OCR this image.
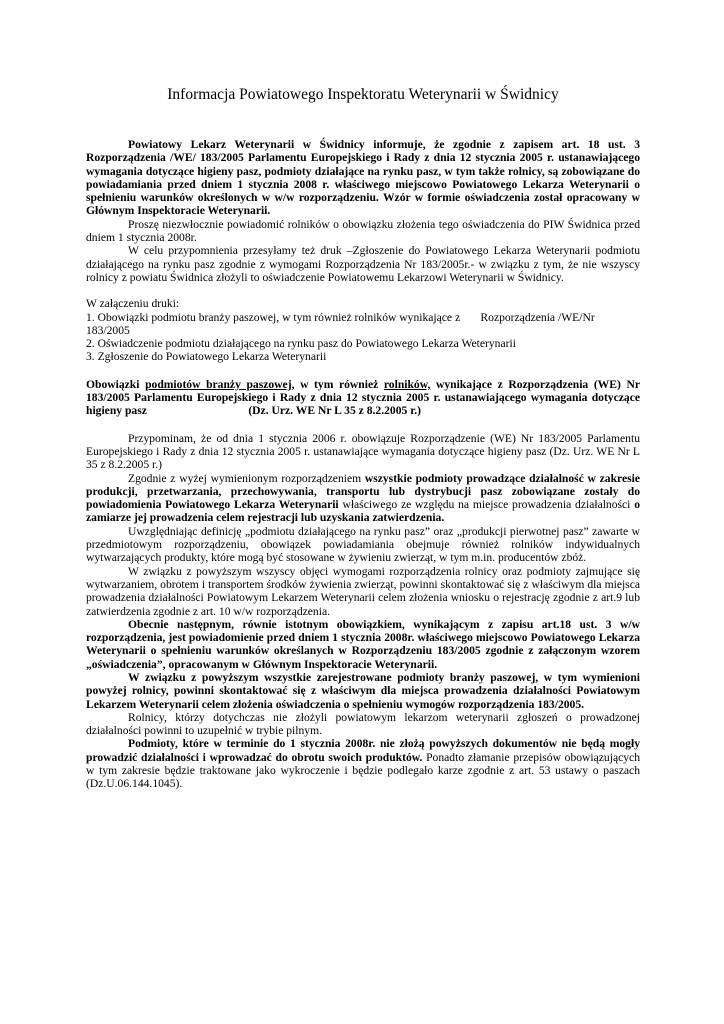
Informacja Powiatowego Inspektoratu Weterynarii w Świdnicy

Powiatowy Lekarz Weterynarii w Świdnicy informuje, że zgodnie z zapisem art. 18 ust. 3 Rozporządzenia /WE/ 183/2005 Parlamentu Europejskiego i Rady z dnia 12 stycznia 2005 r. ustanawiającego wymagania dotyczące higieny pasz, podmioty działające na rynku pasz, w tym także rolnicy, są zobowiązane do powiadamiania przed dniem 1 stycznia 2008 r. właściwego miejscowo Powiatowego Lekarza Weterynarii o spełnieniu warunków określonych w w/w rozporządzeniu. Wzór w formie oświadczenia został opracowany w Głównym Inspektoracie Weterynarii.

Proszę niezwłocznie powiadomić rolników o obowiązku złożenia tego oświadczenia do PIW Świdnica przed dniem 1 stycznia 2008r.

W celu przypomnienia przesyłamy też druk –Zgłoszenie do Powiatowego Lekarza Weterynarii podmiotu działającego na rynku pasz zgodnie z wymogami Rozporządzenia Nr 183/2005r.- w związku z tym, że nie wszyscy rolnicy z powiatu Świdnica złożyli to oświadczenie Powiatowemu Lekarzowi Weterynarii w Świdnicy.

W załączeniu druki:

1. Obowiązki podmiotu branży paszowej, w tym również rolników wynikające z       Rozporządzenia /WE/Nr 183/2005

2. Oświadczenie podmiotu działającego na rynku pasz do Powiatowego Lekarza Weterynarii

3. Zgłoszenie do Powiatowego Lekarza Weterynarii

Obowiązki podmiotów branży paszowej, w tym również rolników, wynikające z Rozporządzenia (WE) Nr 183/2005 Parlamentu Europejskiego i Rady z dnia 12 stycznia 2005 r. ustanawiającego wymagania dotyczące higieny pasz                                   (Dz. Urz. WE Nr L 35 z 8.2.2005 r.)

Przypominam, że od dnia 1 stycznia 2006 r. obowiązuje Rozporządzenie (WE) Nr 183/2005 Parlamentu Europejskiego i Rady z dnia 12 stycznia 2005 r. ustanawiające wymagania dotyczące higieny pasz (Dz. Urz. WE Nr L 35 z 8.2.2005 r.)

Zgodnie z wyżej wymienionym rozporządzeniem wszystkie podmioty prowadzące działalność w zakresie produkcji, przetwarzania, przechowywania, transportu lub dystrybucji pasz zobowiązane zostały do powiadomienia Powiatowego Lekarza Weterynarii właściwego ze względu na miejsce prowadzenia działalności o zamiarze jej prowadzenia celem rejestracji lub uzyskania zatwierdzenia.

Uwzględniając definicję „podmiotu działającego na rynku pasz” oraz „produkcji pierwotnej pasz” zawarte w przedmiotowym rozporządzeniu, obowiązek powiadamiania obejmuje również rolników indywidualnych wytwarzających produkty, które mogą być stosowane w żywieniu zwierząt, w tym m.in. producentów zbóż.

W związku z powyższym wszyscy objęci wymogami rozporządzenia rolnicy oraz podmioty zajmujące się wytwarzaniem, obrotem i transportem środków żywienia zwierząt, powinni skontaktować się z właściwym dla miejsca prowadzenia działalności Powiatowym Lekarzem Weterynarii celem złożenia wniosku o rejestrację zgodnie z art.9 lub zatwierdzenia zgodnie z art. 10 w/w rozporządzenia.

Obecnie następnym, równie istotnym obowiązkiem, wynikającym z zapisu art.18 ust. 3 w/w rozporządzenia, jest powiadomienie przed dniem 1 stycznia 2008r. właściwego miejscowo Powiatowego Lekarza Weterynarii o spełnieniu warunków określanych w Rozporządzeniu 183/2005 zgodnie z załączonym wzorem „oświadczenia”, opracowanym w Głównym Inspektoracie Weterynarii.

W związku z powyższym wszystkie zarejestrowane podmioty branży paszowej, w tym wymienioni powyżej rolnicy, powinni skontaktować się z właściwym dla miejsca prowadzenia działalności Powiatowym Lekarzem Weterynarii celem złożenia oświadczenia o spełnieniu wymogów rozporządzenia 183/2005.

Rolnicy, którzy dotychczas nie złożyli powiatowym lekarzom weterynarii zgłoszeń o prowadzonej działalności powinni to uzupełnić w trybie pilnym.

Podmioty, które w terminie do 1 stycznia 2008r. nie złożą powyższych dokumentów nie będą mogły prowadzić działalności i wprowadzać do obrotu swoich produktów. Ponadto złamanie przepisów obowiązujących w tym zakresie będzie traktowane jako wykroczenie i będzie podlegało karze zgodnie z art. 53 ustawy o paszach (Dz.U.06.144.1045).
